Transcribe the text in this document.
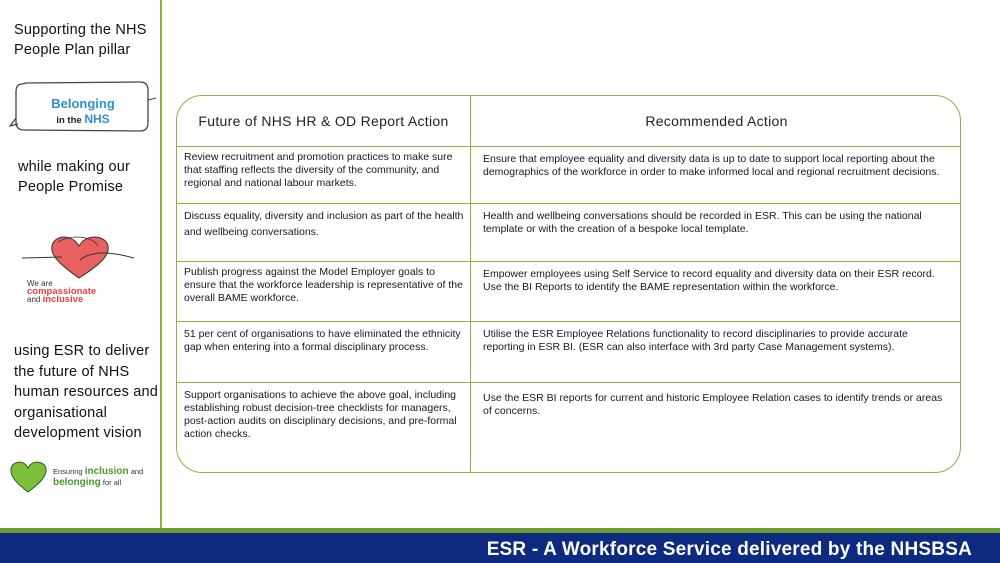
Supporting the NHS People Plan pillar
Belonging
in the NHS
while making our People Promise
We are
compassionate
and inclusive
using ESR to deliver the future of NHS human resources and organisational development vision
Ensuring inclusion and
belonging for all
Future of NHS HR & OD Report Action	Recommended Action
Review recruitment and promotion practices to make sure that staffing reflects the diversity of the community, and regional and national labour markets.
Ensure that employee equality and diversity data is up to date to support local reporting about the demographics of the workforce in order to make informed local and regional recruitment decisions.
Discuss equality, diversity and inclusion as part of the health and wellbeing conversations.
Health and wellbeing conversations should be recorded in ESR. This can be using the national template or with the creation of a bespoke local template.
Publish progress against the Model Employer goals to ensure that the workforce leadership is representative of the overall BAME workforce.
Empower employees using Self Service to record equality and diversity data on their ESR record. Use the BI Reports to identify the BAME representation within the workforce.
51 per cent of organisations to have eliminated the ethnicity gap when entering into a formal disciplinary process.
Utilise the ESR Employee Relations functionality to record disciplinaries to provide accurate reporting in ESR BI. (ESR can also interface with 3rd party Case Management systems).
Support organisations to achieve the above goal, including establishing robust decision-tree checklists for managers, post-action audits on disciplinary decisions, and pre-formal action checks.
Use the ESR BI reports for current and historic Employee Relation cases to identify trends or areas of concerns.
ESR - A Workforce Service delivered by the NHSBSA
